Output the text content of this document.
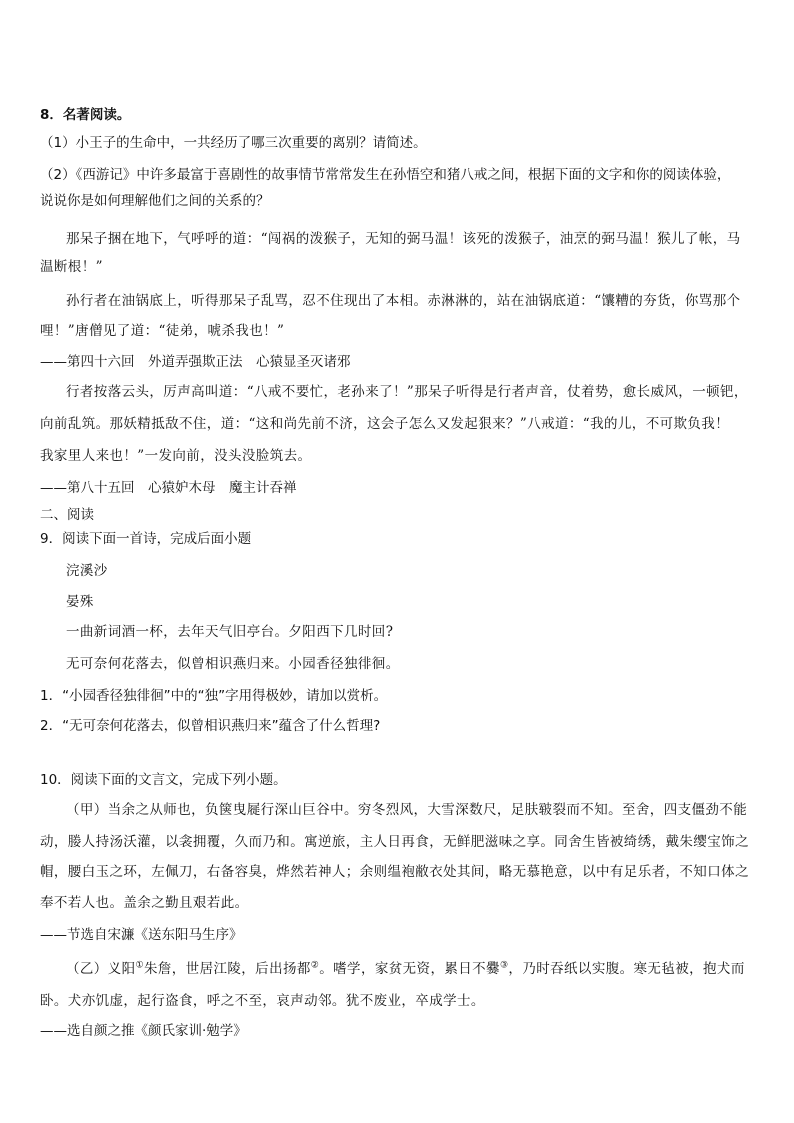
8．名著阅读。
（1）小王子的生命中，一共经历了哪三次重要的离别？请简述。
（2）《西游记》中许多最富于喜剧性的故事情节常常发生在孙悟空和猪八戒之间，根据下面的文字和你的阅读体验，
说说你是如何理解他们之间的关系的？
那呆子捆在地下，气呼呼的道：“闯祸的泼猴子，无知的弼马温！该死的泼猴子，油烹的弼马温！猴儿了帐，马
温断根！”
孙行者在油锅底上，听得那呆子乱骂，忍不住现出了本相。赤淋淋的，站在油锅底道：“馕糟的夯货，你骂那个
哩！”唐僧见了道：“徒弟，唬杀我也！”
——第四十六回　外道弄强欺正法　心猿显圣灭诸邪
行者按落云头，厉声高叫道：“八戒不要忙，老孙来了！”那呆子听得是行者声音，仗着势，愈长威风，一顿钯，
向前乱筑。那妖精抵敌不住，道：“这和尚先前不济，这会子怎么又发起狠来？”八戒道：“我的儿，不可欺负我！
我家里人来也！”一发向前，没头没脸筑去。
——第八十五回　心猿妒木母　魔主计吞禅
二、阅读
9．阅读下面一首诗，完成后面小题
浣溪沙
晏殊
一曲新词酒一杯，去年天气旧亭台。夕阳西下几时回?
无可奈何花落去，似曾相识燕归来。小园香径独徘徊。
1．“小园香径独徘徊”中的“独”字用得极妙，请加以赏析。
2．“无可奈何花落去，似曾相识燕归来”蕴含了什么哲理?
10．阅读下面的文言文，完成下列小题。
（甲）当余之从师也，负箧曳屣行深山巨谷中。穷冬烈风，大雪深数尺，足肤皲裂而不知。至舍，四支僵劲不能
动，媵人持汤沃灌，以衾拥覆，久而乃和。寓逆旅，主人日再食，无鲜肥滋味之享。同舍生皆被绮绣，戴朱缨宝饰之
帽，腰白玉之环，左佩刀，右备容臭，烨然若神人；余则缊袍敝衣处其间，略无慕艳意，以中有足乐者，不知口体之
奉不若人也。盖余之勤且艰若此。
——节选自宋濂《送东阳马生序》
（乙）义阳①朱詹，世居江陵，后出扬都②。嗜学，家贫无资，累日不爨③，乃时吞纸以实腹。寒无毡被，抱犬而
卧。犬亦饥虚，起行盗食，呼之不至，哀声动邻。犹不废业，卒成学士。
——选自颜之推《颜氏家训·勉学》
